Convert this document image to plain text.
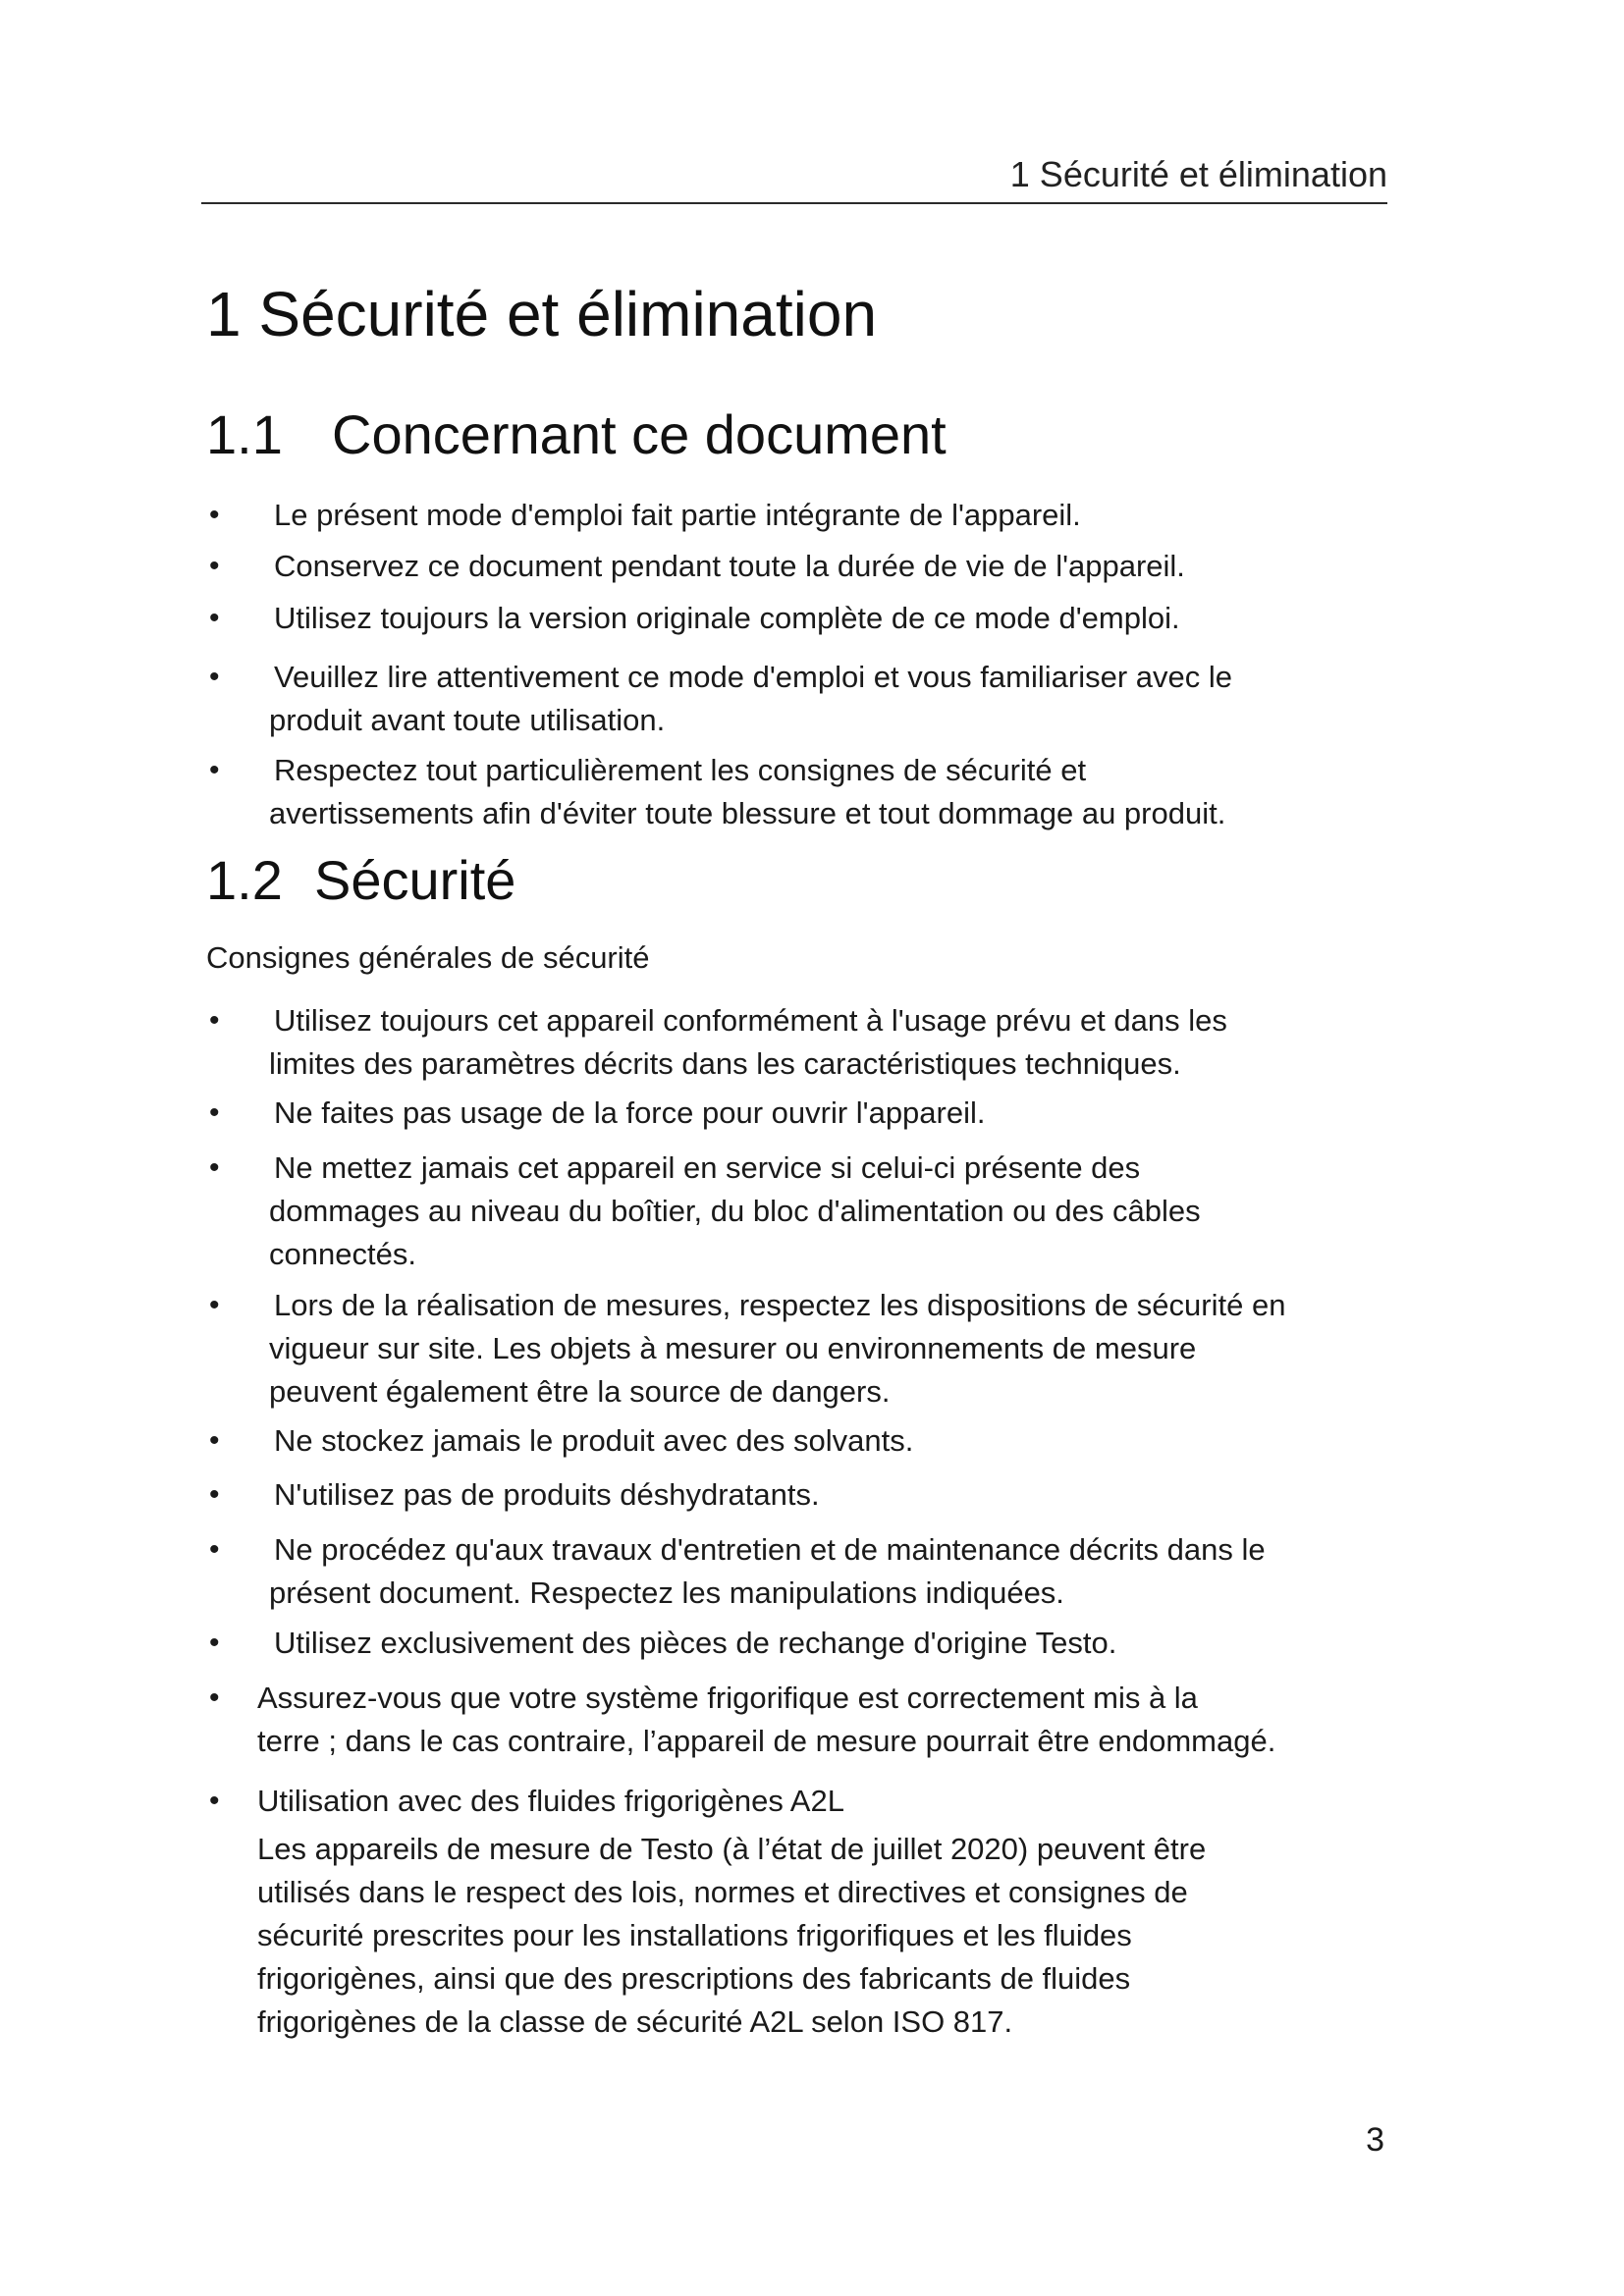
1 Sécurité et élimination
1 Sécurité et élimination
1.1 Concernant ce document
• Le présent mode d'emploi fait partie intégrante de l'appareil.
• Conservez ce document pendant toute la durée de vie de l'appareil.
• Utilisez toujours la version originale complète de ce mode d'emploi.
• Veuillez lire attentivement ce mode d'emploi et vous familiariser avec le
produit avant toute utilisation.
• Respectez tout particulièrement les consignes de sécurité et
avertissements afin d'éviter toute blessure et tout dommage au produit.
1.2 Sécurité
Consignes générales de sécurité
• Utilisez toujours cet appareil conformément à l'usage prévu et dans les
limites des paramètres décrits dans les caractéristiques techniques.
• Ne faites pas usage de la force pour ouvrir l'appareil.
• Ne mettez jamais cet appareil en service si celui-ci présente des
dommages au niveau du boîtier, du bloc d'alimentation ou des câbles
connectés.
• Lors de la réalisation de mesures, respectez les dispositions de sécurité en
vigueur sur site. Les objets à mesurer ou environnements de mesure
peuvent également être la source de dangers.
• Ne stockez jamais le produit avec des solvants.
• N'utilisez pas de produits déshydratants.
• Ne procédez qu'aux travaux d'entretien et de maintenance décrits dans le
présent document. Respectez les manipulations indiquées.
• Utilisez exclusivement des pièces de rechange d'origine Testo.
• Assurez-vous que votre système frigorifique est correctement mis à la
terre ; dans le cas contraire, l’appareil de mesure pourrait être endommagé.
• Utilisation avec des fluides frigorigènes A2L
Les appareils de mesure de Testo (à l’état de juillet 2020) peuvent être
utilisés dans le respect des lois, normes et directives et consignes de
sécurité prescrites pour les installations frigorifiques et les fluides
frigorigènes, ainsi que des prescriptions des fabricants de fluides
frigorigènes de la classe de sécurité A2L selon ISO 817.
3
